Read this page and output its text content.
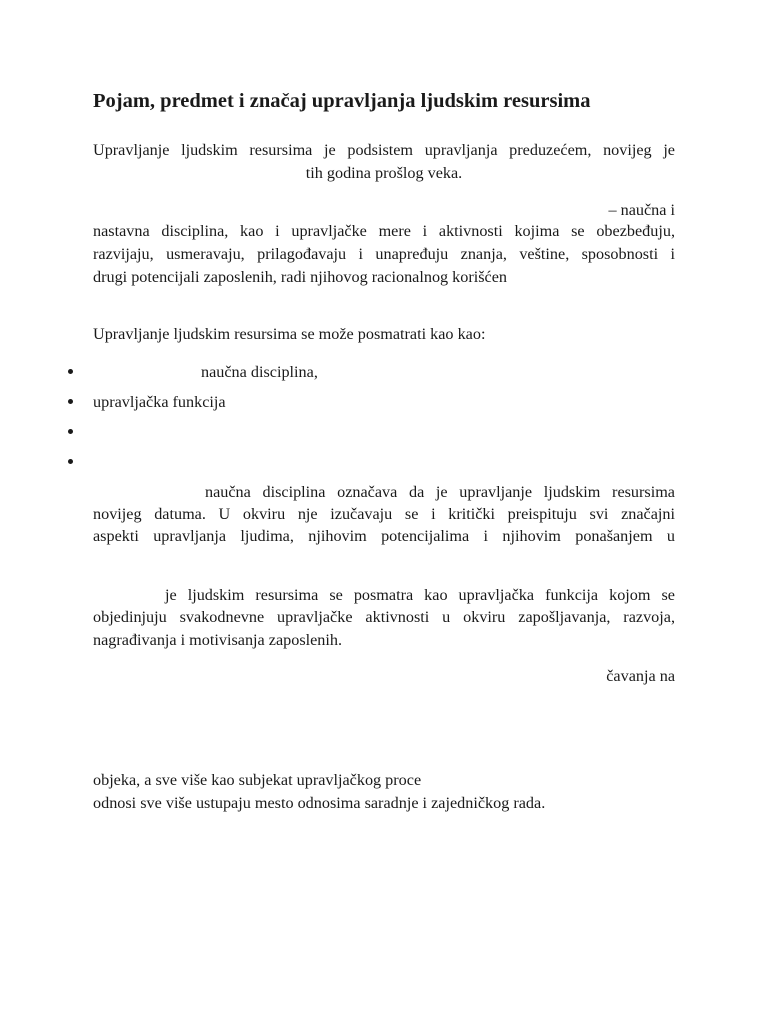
Pojam, predmet i značaj upravljanja ljudskim resursima
Upravljanje ljudskim resursima je podsistem upravljanja preduzećem, novijeg je
tih godina prošlog veka.
– naučna i
nastavna disciplina, kao i upravljačke mere i aktivnosti kojima se obezbeđuju,
razvijaju, usmeravaju, prilagođavaju i unapređuju znanja, veštine, sposobnosti i
drugi potencijali zaposlenih, radi njihovog racionalnog korišćen
Upravljanje ljudskim resursima se može posmatrati kao kao:
naučna disciplina,
upravljačka funkcija
naučna disciplina označava da je upravljanje ljudskim resursima
novijeg datuma. U okviru nje izučavaju se i kritički preispituju svi značajni
aspekti upravljanja ljudima, njihovim potencijalima i njihovim ponašanjem u
je ljudskim resursima se posmatra kao upravljačka funkcija kojom se
objedinjuju svakodnevne upravljačke aktivnosti u okviru zapošljavanja, razvoja,
nagrađivanja i motivisanja zaposlenih.
čavanja na
objeka, a sve više kao subjekat upravljačkog proce
odnosi sve više ustupaju mesto odnosima saradnje i zajedničkog rada.
